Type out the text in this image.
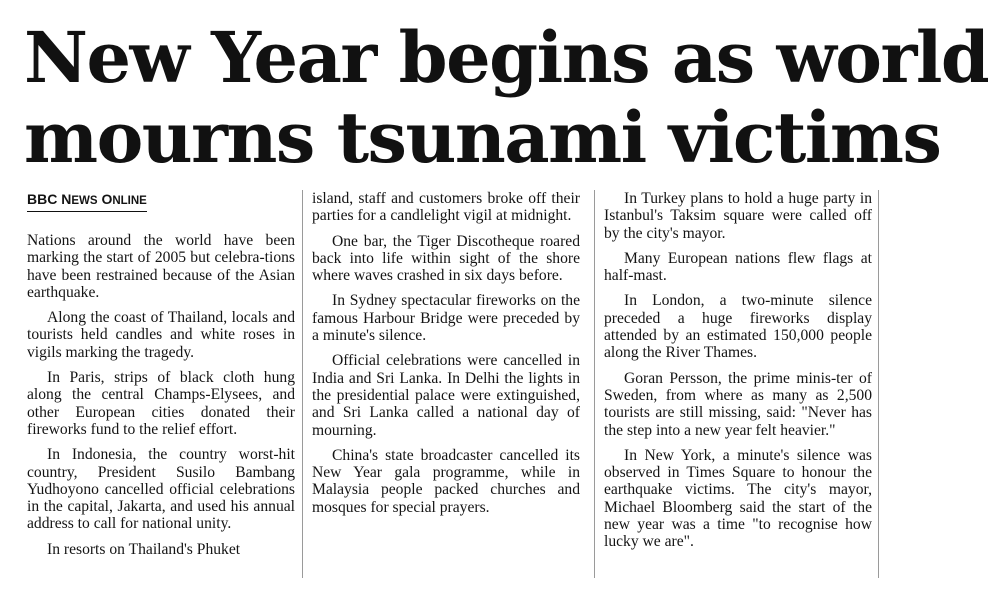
New Year begins as world
mourns tsunami victims
BBC NEWS ONLINE

Nations around the world have been marking the start of 2005 but celebra-tions have been restrained because of the Asian earthquake.

Along the coast of Thailand, locals and tourists held candles and white roses in vigils marking the tragedy.

In Paris, strips of black cloth hung along the central Champs-Elysees, and other European cities donated their fireworks fund to the relief effort.

In Indonesia, the country worst-hit country, President Susilo Bambang Yudhoyono cancelled official celebrations in the capital, Jakarta, and used his annual address to call for national unity.

In resorts on Thailand's Phuket

island, staff and customers broke off their parties for a candlelight vigil at midnight.

One bar, the Tiger Discotheque roared back into life within sight of the shore where waves crashed in six days before.

In Sydney spectacular fireworks on the famous Harbour Bridge were preceded by a minute's silence.

Official celebrations were cancelled in India and Sri Lanka. In Delhi the lights in the presidential palace were extinguished, and Sri Lanka called a national day of mourning.

China's state broadcaster cancelled its New Year gala programme, while in Malaysia people packed churches and mosques for special prayers.

In Turkey plans to hold a huge party in Istanbul's Taksim square were called off by the city's mayor.

Many European nations flew flags at half-mast.

In London, a two-minute silence preceded a huge fireworks display attended by an estimated 150,000 people along the River Thames.

Goran Persson, the prime minis-ter of Sweden, from where as many as 2,500 tourists are still missing, said: "Never has the step into a new year felt heavier."

In New York, a minute's silence was observed in Times Square to honour the earthquake victims. The city's mayor, Michael Bloomberg said the start of the new year was a time "to recognise how lucky we are".
